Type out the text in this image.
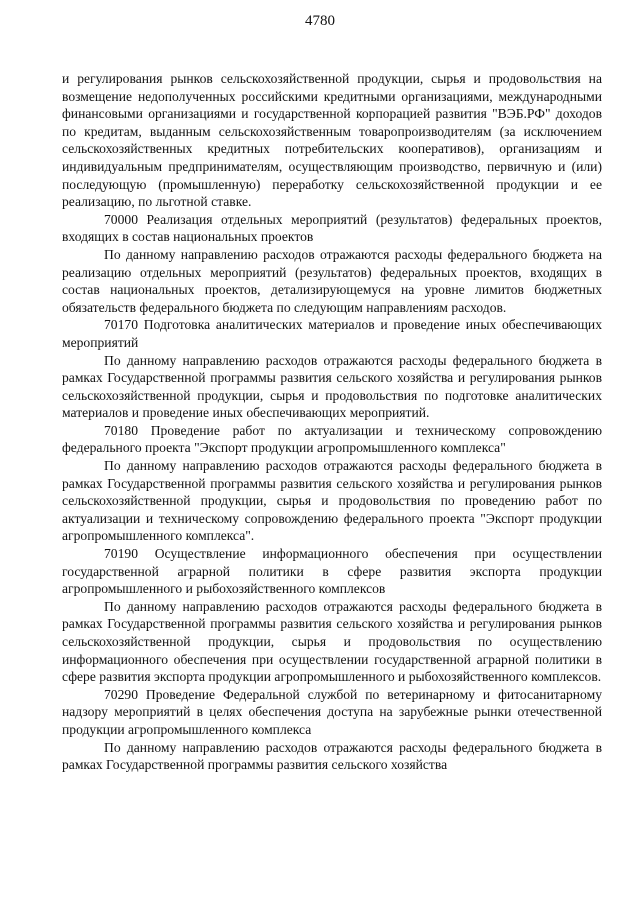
4780

и регулирования рынков сельскохозяйственной продукции, сырья и продовольствия на возмещение недополученных российскими кредитными организациями, международными финансовыми организациями и государственной корпорацией развития "ВЭБ.РФ" доходов по кредитам, выданным сельскохозяйственным товаропроизводителям (за исключением сельскохозяйственных кредитных потребительских кооперативов), организациям и индивидуальным предпринимателям, осуществляющим производство, первичную и (или) последующую (промышленную) переработку сельскохозяйственной продукции и ее реализацию, по льготной ставке.

70000 Реализация отдельных мероприятий (результатов) федеральных проектов, входящих в состав национальных проектов

По данному направлению расходов отражаются расходы федерального бюджета на реализацию отдельных мероприятий (результатов) федеральных проектов, входящих в состав национальных проектов, детализирующемуся на уровне лимитов бюджетных обязательств федерального бюджета по следующим направлениям расходов.

70170 Подготовка аналитических материалов и проведение иных обеспечивающих мероприятий

По данному направлению расходов отражаются расходы федерального бюджета в рамках Государственной программы развития сельского хозяйства и регулирования рынков сельскохозяйственной продукции, сырья и продовольствия по подготовке аналитических материалов и проведение иных обеспечивающих мероприятий.

70180 Проведение работ по актуализации и техническому сопровождению федерального проекта "Экспорт продукции агропромышленного комплекса"

По данному направлению расходов отражаются расходы федерального бюджета в рамках Государственной программы развития сельского хозяйства и регулирования рынков сельскохозяйственной продукции, сырья и продовольствия по проведению работ по актуализации и техническому сопровождению федерального проекта "Экспорт продукции агропромышленного комплекса".

70190 Осуществление информационного обеспечения при осуществлении государственной аграрной политики в сфере развития экспорта продукции агропромышленного и рыбохозяйственного комплексов

По данному направлению расходов отражаются расходы федерального бюджета в рамках Государственной программы развития сельского хозяйства и регулирования рынков сельскохозяйственной продукции, сырья и продовольствия по осуществлению информационного обеспечения при осуществлении государственной аграрной политики в сфере развития экспорта продукции агропромышленного и рыбохозяйственного комплексов.

70290 Проведение Федеральной службой по ветеринарному и фитосанитарному надзору мероприятий в целях обеспечения доступа на зарубежные рынки отечественной продукции агропромышленного комплекса

По данному направлению расходов отражаются расходы федерального бюджета в рамках Государственной программы развития сельского хозяйства
